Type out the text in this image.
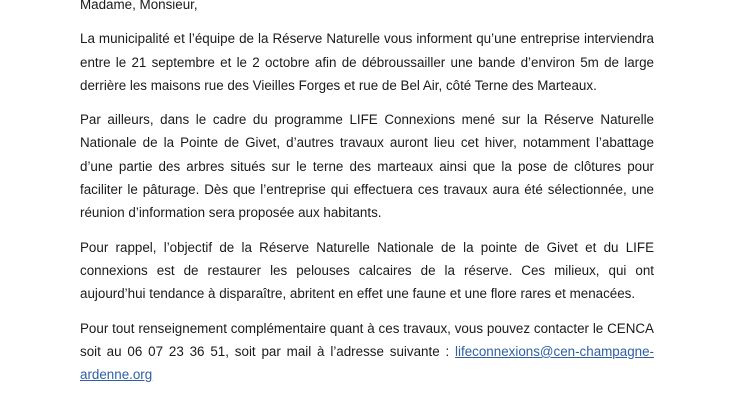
Madame, Monsieur,

La municipalité et l’équipe de la Réserve Naturelle vous informent qu’une entreprise interviendra entre le 21 septembre et le 2 octobre afin de débroussailler une bande d’environ 5m de large derrière les maisons rue des Vieilles Forges et rue de Bel Air, côté Terne des Marteaux.

Par ailleurs, dans le cadre du programme LIFE Connexions mené sur la Réserve Naturelle Nationale de la Pointe de Givet, d’autres travaux auront lieu cet hiver, notamment l’abattage d’une partie des arbres situés sur le terne des marteaux ainsi que la pose de clôtures pour faciliter le pâturage. Dès que l’entreprise qui effectuera ces travaux aura été sélectionnée, une réunion d’information sera proposée aux habitants.

Pour rappel, l’objectif de la Réserve Naturelle Nationale de la pointe de Givet et du LIFE connexions est de restaurer les pelouses calcaires de la réserve. Ces milieux, qui ont aujourd’hui tendance à disparaître, abritent en effet une faune et une flore rares et menacées.

Pour tout renseignement complémentaire quant à ces travaux, vous pouvez contacter le CENCA soit au 06 07 23 36 51, soit par mail à l’adresse suivante : lifeconnexions@cen-champagne-ardenne.org
